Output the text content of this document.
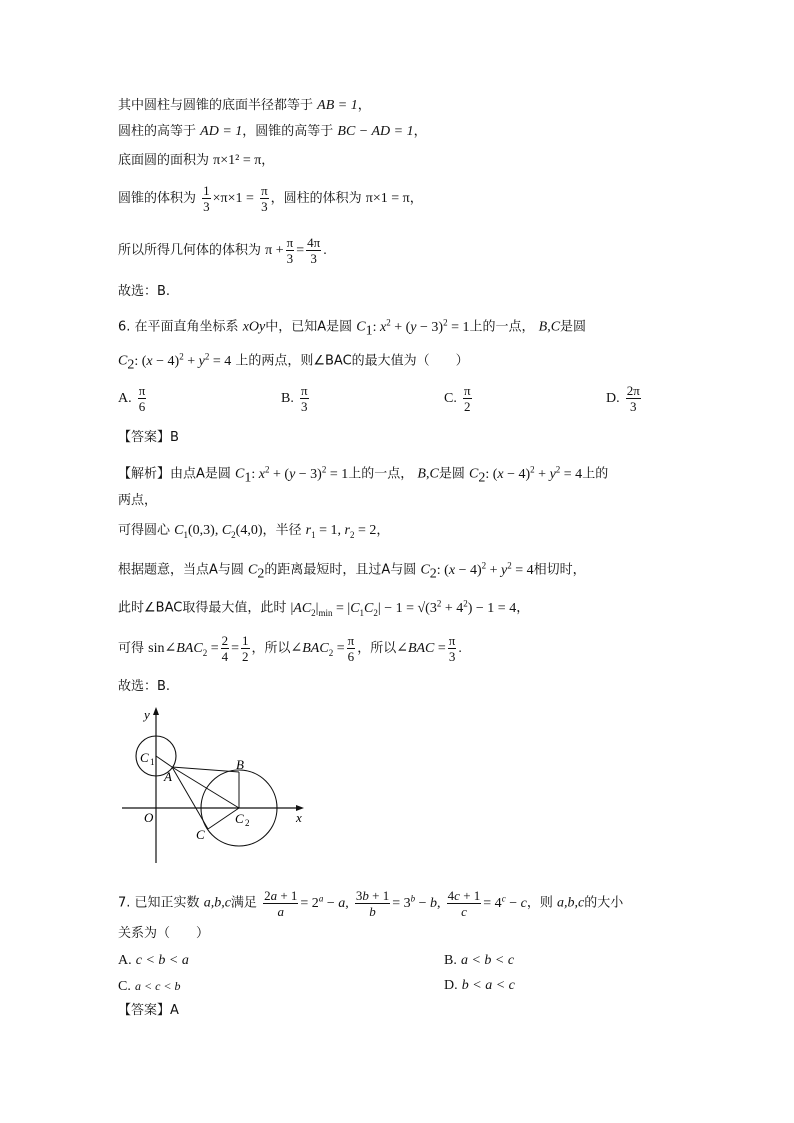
其中圆柱与圆锥的底面半径都等于 AB = 1，
圆柱的高等于 AD = 1，圆锥的高等于 BC − AD = 1，
底面圆的面积为 π×1² = π，
圆锥的体积为 $\frac{1}{3} \times\pi\times 1 = \frac{\pi}{3}$ ，圆柱的体积为 π×1 = π，
所以所得几何体的体积为 $\pi + \frac{\pi}{3} = \frac{4\pi}{3}$ .
故选：B.
6. 在平面直角坐标系 xOy中，已知A是圆 $C_1$: $x^2 + (y - 3)^2 = 1$上的一点， B,C是圆
$C_2$: $(x - 4)^2 + y^2 = 4$ 上的两点，则∠BAC的最大值为（　　）
A. $\frac{\pi}{6}$	B. $\frac{\pi}{3}$	C. $\frac{\pi}{2}$	D. $\frac{2\pi}{3}$
【答案】B
【解析】由点A是圆 $C_1$: $x^2 + (y - 3)^2 = 1$上的一点， B,C是圆 $C_2$: $(x - 4)^2 + y^2 = 4$上的
两点，
可得圆心 $C_1(0,3)$, $C_2(4,0)$，半径 $r_1 = 1$, $r_2 = 2$，
根据题意，当点A与圆 $C_2$的距离最短时，且过A与圆 $C_2$: $(x - 4)^2 + y^2 = 4$相切时，
此时∠BAC取得最大值，此时 $|AC_2|_{min} = |C_1C_2| - 1 = √(3^2 + 4^2) - 1 = 4$，
可得 $\sin\angle BAC_2 = \frac{2}{4} = \frac{1}{2}$ ，所以$\angle BAC_2 = \frac{\pi}{6}$ ，所以∠BAC = $\frac{\pi}{3}$ .
故选：B.
y
x
O
C 1
A
B
C
C 2
7. 已知正实数 a,b,c满足 $\frac{2a + 1}{a} = 2^a - a$, $\frac{3b + 1}{b} = 3^b - b$, $\frac{4c + 1}{c} = 4^c - c$，则 a,b,c的大小
关系为（　　）
A. c < b < a	B. a < b < c
C. a < c < b	D. b < a < c
【答案】A
